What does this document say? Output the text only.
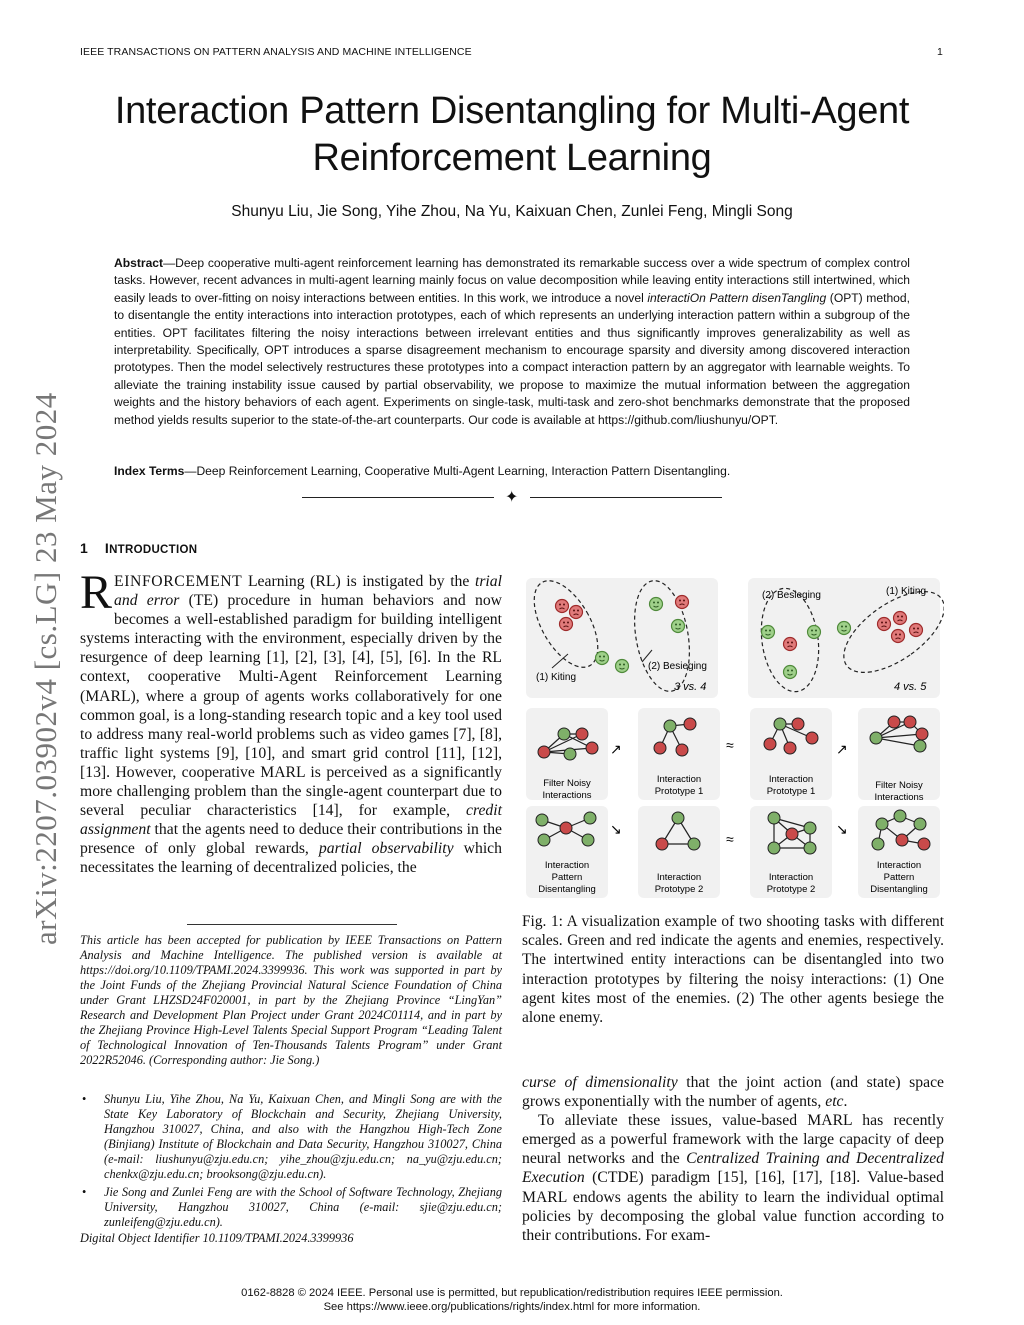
IEEE TRANSACTIONS ON PATTERN ANALYSIS AND MACHINE INTELLIGENCE	1
Interaction Pattern Disentangling for Multi-Agent
Reinforcement Learning
Shunyu Liu, Jie Song, Yihe Zhou, Na Yu, Kaixuan Chen, Zunlei Feng, Mingli Song
Abstract—Deep cooperative multi-agent reinforcement learning has demonstrated its remarkable success over a wide spectrum of complex control tasks. However, recent advances in multi-agent learning mainly focus on value decomposition while leaving entity interactions still intertwined, which easily leads to over-fitting on noisy interactions between entities. In this work, we introduce a novel interactiOn Pattern disenTangling (OPT) method, to disentangle the entity interactions into interaction prototypes, each of which represents an underlying interaction pattern within a subgroup of the entities. OPT facilitates filtering the noisy interactions between irrelevant entities and thus significantly improves generalizability as well as interpretability. Specifically, OPT introduces a sparse disagreement mechanism to encourage sparsity and diversity among discovered interaction prototypes. Then the model selectively restructures these prototypes into a compact interaction pattern by an aggregator with learnable weights. To alleviate the training instability issue caused by partial observability, we propose to maximize the mutual information between the aggregation weights and the history behaviors of each agent. Experiments on single-task, multi-task and zero-shot benchmarks demonstrate that the proposed method yields results superior to the state-of-the-art counterparts. Our code is available at https://github.com/liushunyu/OPT.
Index Terms—Deep Reinforcement Learning, Cooperative Multi-Agent Learning, Interaction Pattern Disentangling.
✦
arXiv:2207.03902v4 [cs.LG] 23 May 2024 1 INTRODUCTION
REINFORCEMENT Learning (RL) is instigated by the trial and error (TE) procedure in human behaviors and now becomes a well-established paradigm for building intelligent systems interacting with the environment, especially driven by the resurgence of deep learning [1], [2], [3], [4], [5], [6]. In the RL context, cooperative Multi-Agent Reinforcement Learning (MARL), where a group of agents works collaboratively for one common goal, is a long-standing research topic and a key tool used to address many real-world problems such as video games [7], [8], traffic light systems [9], [10], and smart grid control [11], [12], [13]. However, cooperative MARL is perceived as a significantly more challenging problem than the single-agent counterpart due to several peculiar characteristics [14], for example, credit assignment that the agents need to deduce their contributions in the presence of only global rewards, partial observability which necessitates the learning of decentralized policies, the
This article has been accepted for publication by IEEE Transactions on Pattern Analysis and Machine Intelligence. The published version is available at https://doi.org/10.1109/TPAMI.2024.3399936. This work was supported in part by the Joint Funds of the Zhejiang Provincial Natural Science Foundation of China under Grant LHZSD24F020001, in part by the Zhejiang Province “LingYan” Research and Development Plan Project under Grant 2024C01114, and in part by the Zhejiang Province High-Level Talents Special Support Program “Leading Talent of Technological Innovation of Ten-Thousands Talents Program” under Grant 2022R52046. (Corresponding author: Jie Song.)
• Shunyu Liu, Yihe Zhou, Na Yu, Kaixuan Chen, and Mingli Song are with the State Key Laboratory of Blockchain and Security, Zhejiang University, Hangzhou 310027, China, and also with the Hangzhou High-Tech Zone (Binjiang) Institute of Blockchain and Data Security, Hangzhou 310027, China (e-mail: liushunyu@zju.edu.cn; yihe_zhou@zju.edu.cn; na_yu@zju.edu.cn; chenkx@zju.edu.cn; brooksong@zju.edu.cn).
• Jie Song and Zunlei Feng are with the School of Software Technology, Zhejiang University, Hangzhou 310027, China (e-mail: sjie@zju.edu.cn; zunleifeng@zju.edu.cn).
Digital Object Identifier 10.1109/TPAMI.2024.3399936
(1) Kiting
(2) Besieging
3 vs. 4
(2) Besieging	(1) Kiting
4 vs. 5
Filter Noisy
Interactions
↗	≈	↗
Interaction
Prototype 1
Interaction
Prototype 1
Filter Noisy
Interactions
↘
≈
↘
Interaction
Pattern
Disentangling
Interaction
Prototype 2
Interaction
Prototype 2
Interaction
Pattern
Disentangling
Fig. 1: A visualization example of two shooting tasks with different scales. Green and red indicate the agents and enemies, respectively. The intertwined entity interactions can be disentangled into two interaction prototypes by filtering the noisy interactions: (1) One agent kites most of the enemies. (2) The other agents besiege the alone enemy.

curse of dimensionality that the joint action (and state) space grows exponentially with the number of agents, etc.

To alleviate these issues, value-based MARL has recently emerged as a powerful framework with the large capacity of deep neural networks and the Centralized Training and Decentralized Execution (CTDE) paradigm [15], [16], [17], [18]. Value-based MARL endows agents the ability to learn the individual optimal policies by decomposing the global value function according to their contributions. For exam-

0162-8828 © 2024 IEEE. Personal use is permitted, but republication/redistribution requires IEEE permission.
See https://www.ieee.org/publications/rights/index.html for more information.
